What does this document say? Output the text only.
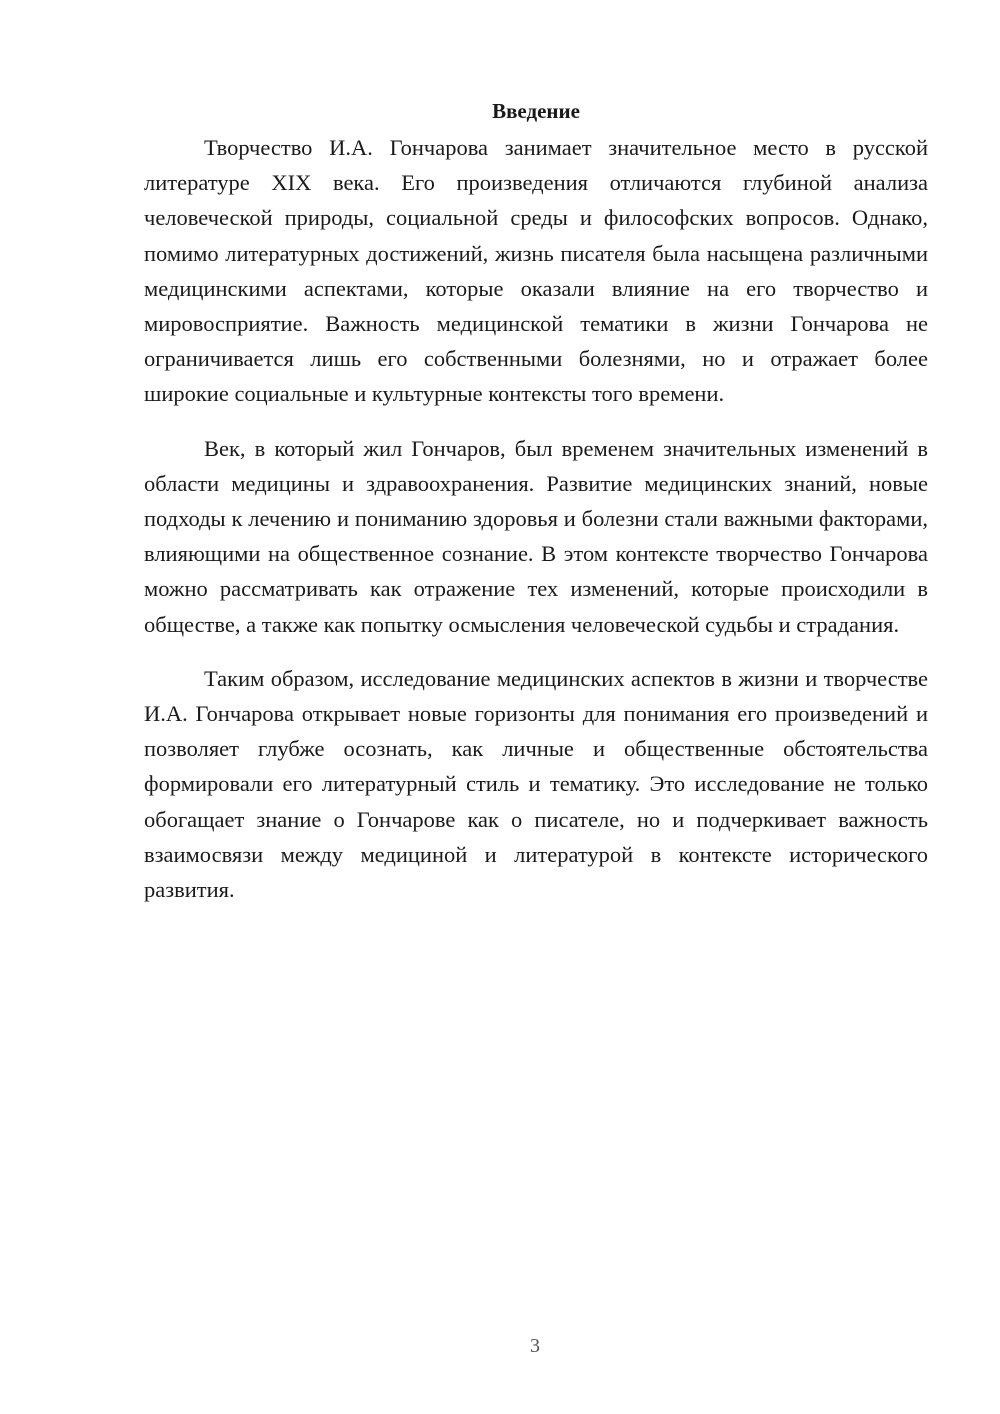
Введение

Творчество И.А. Гончарова занимает значительное место в русской литературе XIX века. Его произведения отличаются глубиной анализа человеческой природы, социальной среды и философских вопросов. Однако, помимо литературных достижений, жизнь писателя была насыщена различными медицинскими аспектами, которые оказали влияние на его творчество и мировосприятие. Важность медицинской тематики в жизни Гончарова не ограничивается лишь его собственными болезнями, но и отражает более широкие социальные и культурные контексты того времени.

Век, в который жил Гончаров, был временем значительных изменений в области медицины и здравоохранения. Развитие медицинских знаний, новые подходы к лечению и пониманию здоровья и болезни стали важными факторами, влияющими на общественное сознание. В этом контексте творчество Гончарова можно рассматривать как отражение тех изменений, которые происходили в обществе, а также как попытку осмысления человеческой судьбы и страдания.

Таким образом, исследование медицинских аспектов в жизни и творчестве И.А. Гончарова открывает новые горизонты для понимания его произведений и позволяет глубже осознать, как личные и общественные обстоятельства формировали его литературный стиль и тематику. Это исследование не только обогащает знание о Гончарове как о писателе, но и подчеркивает важность взаимосвязи между медициной и литературой в контексте исторического развития.

3
